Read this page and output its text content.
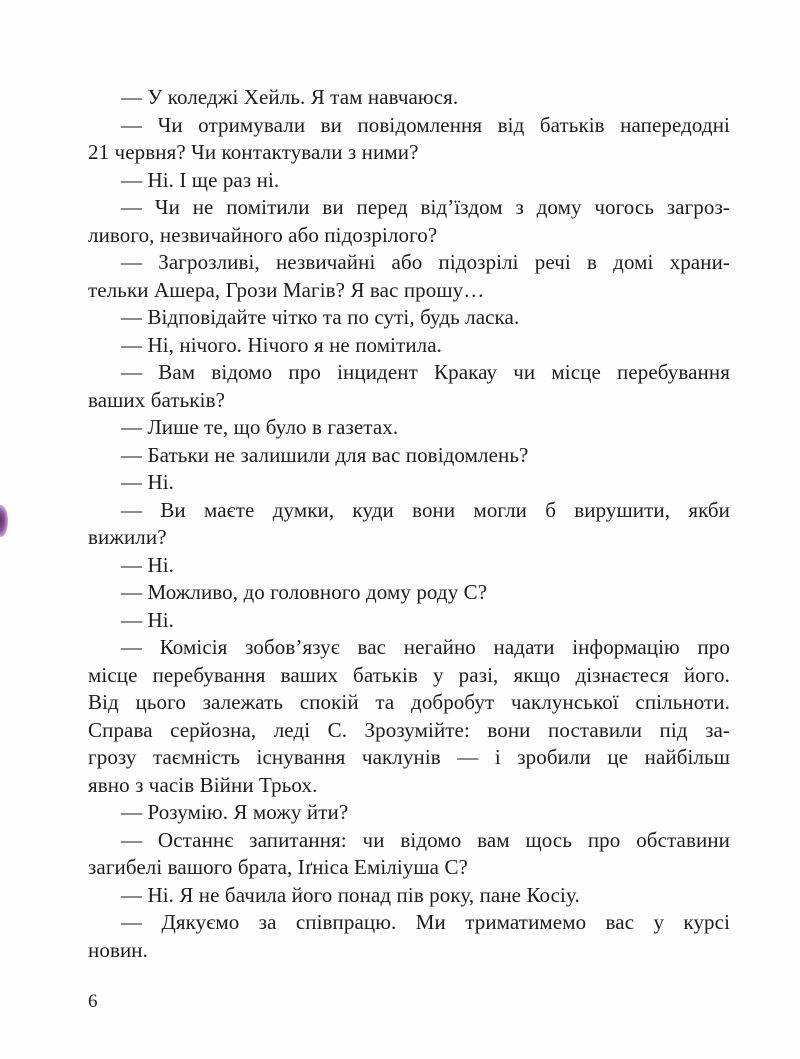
— У коледжі Хейль. Я там навчаюся.
— Чи отримували ви повідомлення від батьків напередодні
21 червня? Чи контактували з ними?
— Ні. І ще раз ні.
— Чи не помітили ви перед від’їздом з дому чогось загроз-
ливого, незвичайного або підозрілого?
— Загрозливі, незвичайні або підозрілі речі в домі храни-
тельки Ашера, Грози Магів? Я вас прошу…
— Відповідайте чітко та по суті, будь ласка.
— Ні, нічого. Нічого я не помітила.
— Вам відомо про інцидент Кракау чи місце перебування
ваших батьків?
— Лише те, що було в газетах.
— Батьки не залишили для вас повідомлень?
— Ні.
— Ви маєте думки, куди вони могли б вирушити, якби
вижили?
— Ні.
— Можливо, до головного дому роду С?
— Ні.
— Комісія зобов’язує вас негайно надати інформацію про
місце перебування ваших батьків у разі, якщо дізнаєтеся його.
Від цього залежать спокій та добробут чаклунської спільноти.
Справа серйозна, леді С. Зрозумійте: вони поставили під за-
грозу таємність існування чаклунів — і зробили це найбільш
явно з часів Війни Трьох.
— Розумію. Я можу йти?
— Останнє запитання: чи відомо вам щось про обставини
загибелі вашого брата, Іґніса Еміліуша С?
— Ні. Я не бачила його понад пів року, пане Косіу.
— Дякуємо за співпрацю. Ми триматимемо вас у курсі
новин.
6
